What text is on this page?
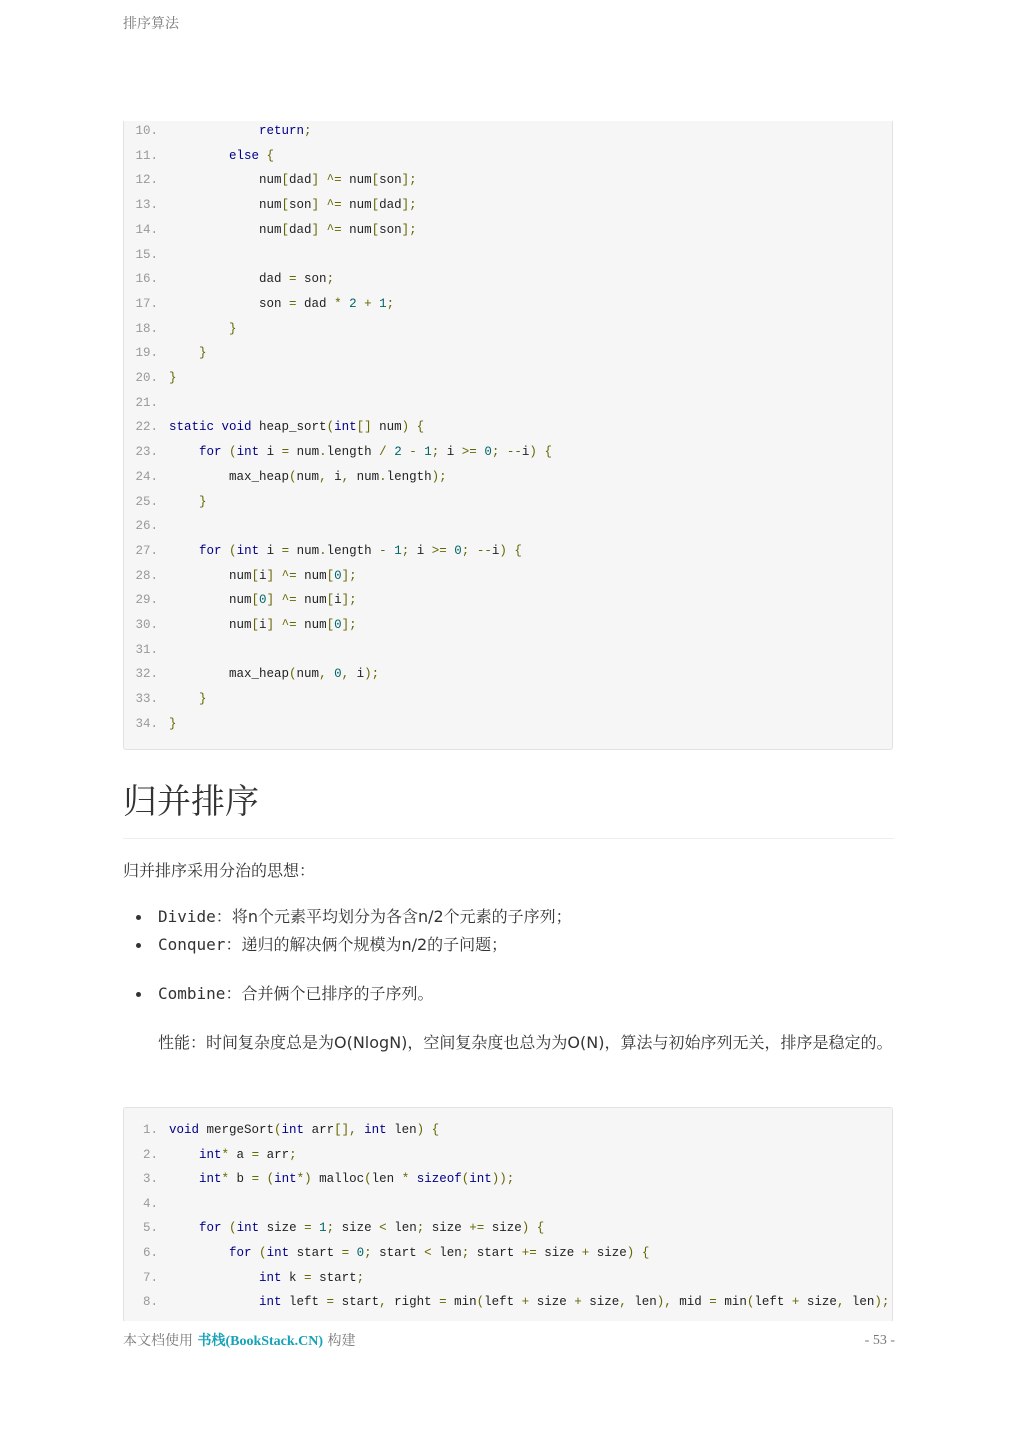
排序算法
10.	return;
11.	else {
12.	num[dad] ^= num[son];
13.	num[son] ^= num[dad];
14.	num[dad] ^= num[son];
15.
16.	dad = son;
17.	son = dad * 2 + 1;
18.	}
19.	}
20. }
21.
22. static void heap_sort(int[] num) {
23.	for (int i = num.length / 2 - 1; i >= 0; --i) {
24.	max_heap(num, i, num.length);
25.	}
26.
27.	for (int i = num.length - 1; i >= 0; --i) {
28.	num[i] ^= num[0];
29.	num[0] ^= num[i];
30.	num[i] ^= num[0];
31.
32.	max_heap(num, 0, i);
33.	}
34. }
归并排序

归并排序采用分治的思想：

Divide：将n个元素平均划分为各含n/2个元素的子序列；
Conquer：递归的解决俩个规模为n/2的子问题；
Combine：合并俩个已排序的子序列。

性能：时间复杂度总是为O(NlogN)，空间复杂度也总为为O(N)，算法与初始序列无关，排序是稳定的。

1. void mergeSort(int arr[], int len) {
2.	int* a = arr;
3.	int* b = (int*) malloc(len * sizeof(int));
4.
5.	for (int size = 1; size < len; size += size) {
6.	for (int start = 0; start < len; start += size + size) {
7.	int k = start;
8.	int left = start, right = min(left + size + size, len), mid = min(left + size, len);
本文档使用 书栈(BookStack.CN) 构建	- 53 -
